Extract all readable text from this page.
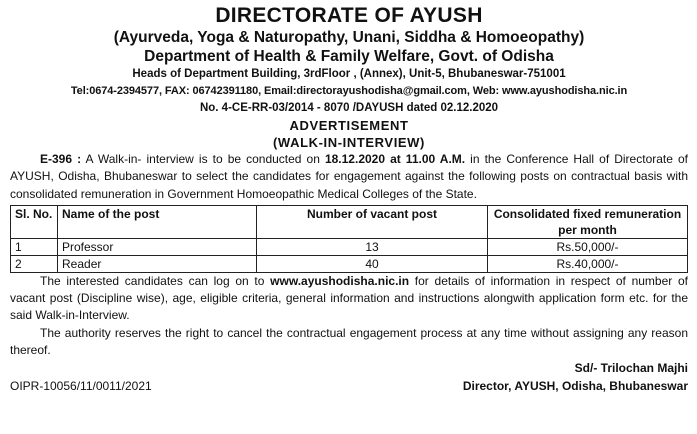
DIRECTORATE OF AYUSH
(Ayurveda, Yoga & Naturopathy, Unani, Siddha & Homoeopathy)
Department of Health & Family Welfare, Govt. of Odisha
Heads of Department Building, 3rdFloor , (Annex), Unit-5, Bhubaneswar-751001
Tel:0674-2394577, FAX: 06742391180, Email:directorayushodisha@gmail.com, Web: www.ayushodisha.nic.in
No. 4-CE-RR-03/2014 - 8070 /DAYUSH dated 02.12.2020
ADVERTISEMENT
(WALK-IN-INTERVIEW)

E-396 : A Walk-in- interview is to be conducted on 18.12.2020 at 11.00 A.M. in the Conference Hall of Directorate of AYUSH, Odisha, Bhubaneswar to select the candidates for engagement against the following posts on contractual basis with consolidated remuneration in Government Homoeopathic Medical Colleges of the State.

Sl. No.	Name of the post	Number of vacant post	Consolidated fixed remuneration per month
1	Professor	13	Rs.50,000/-
2	Reader	40	Rs.40,000/-

The interested candidates can log on to www.ayushodisha.nic.in for details of information in respect of number of vacant post (Discipline wise), age, eligible criteria, general information and instructions alongwith application form etc. for the said Walk-in-Interview.

The authority reserves the right to cancel the contractual engagement process at any time without assigning any reason thereof.

Sd/- Trilochan Majhi
OIPR-10056/11/0011/2021	Director, AYUSH, Odisha, Bhubaneswar
